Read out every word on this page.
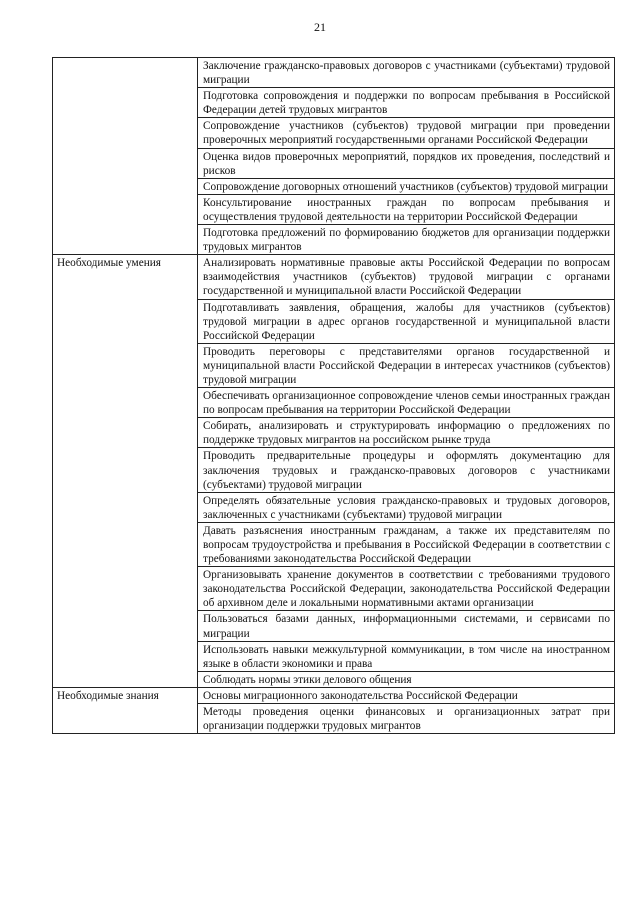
21
	Заключение гражданско-правовых договоров с участниками (субъектами) трудовой миграции
	Подготовка сопровождения и поддержки по вопросам пребывания в Российской Федерации детей трудовых мигрантов
	Сопровождение участников (субъектов) трудовой миграции при проведении проверочных мероприятий государственными органами Российской Федерации
	Оценка видов проверочных мероприятий, порядков их проведения, последствий и рисков
	Сопровождение договорных отношений участников (субъектов) трудовой миграции
	Консультирование иностранных граждан по вопросам пребывания и осуществления трудовой деятельности на территории Российской Федерации
	Подготовка предложений по формированию бюджетов для организации поддержки трудовых мигрантов
Необходимые умения	Анализировать нормативные правовые акты Российской Федерации по вопросам взаимодействия участников (субъектов) трудовой миграции с органами государственной и муниципальной власти Российской Федерации
	Подготавливать заявления, обращения, жалобы для участников (субъектов) трудовой миграции в адрес органов государственной и муниципальной власти Российской Федерации
	Проводить переговоры с представителями органов государственной и муниципальной власти Российской Федерации в интересах участников (субъектов) трудовой миграции
	Обеспечивать организационное сопровождение членов семьи иностранных граждан по вопросам пребывания на территории Российской Федерации
	Собирать, анализировать и структурировать информацию о предложениях по поддержке трудовых мигрантов на российском рынке труда
	Проводить предварительные процедуры и оформлять документацию для заключения трудовых и гражданско-правовых договоров с участниками (субъектами) трудовой миграции
	Определять обязательные условия гражданско-правовых и трудовых договоров, заключенных с участниками (субъектами) трудовой миграции
	Давать разъяснения иностранным гражданам, а также их представителям по вопросам трудоустройства и пребывания в Российской Федерации в соответствии с требованиями законодательства Российской Федерации
	Организовывать хранение документов в соответствии с требованиями трудового законодательства Российской Федерации, законодательства Российской Федерации об архивном деле и локальными нормативными актами организации
	Пользоваться базами данных, информационными системами, и сервисами по миграции
	Использовать навыки межкультурной коммуникации, в том числе на иностранном языке в области экономики и права
	Соблюдать нормы этики делового общения
Необходимые знания	Основы миграционного законодательства Российской Федерации
	Методы проведения оценки финансовых и организационных затрат при организации поддержки трудовых мигрантов
